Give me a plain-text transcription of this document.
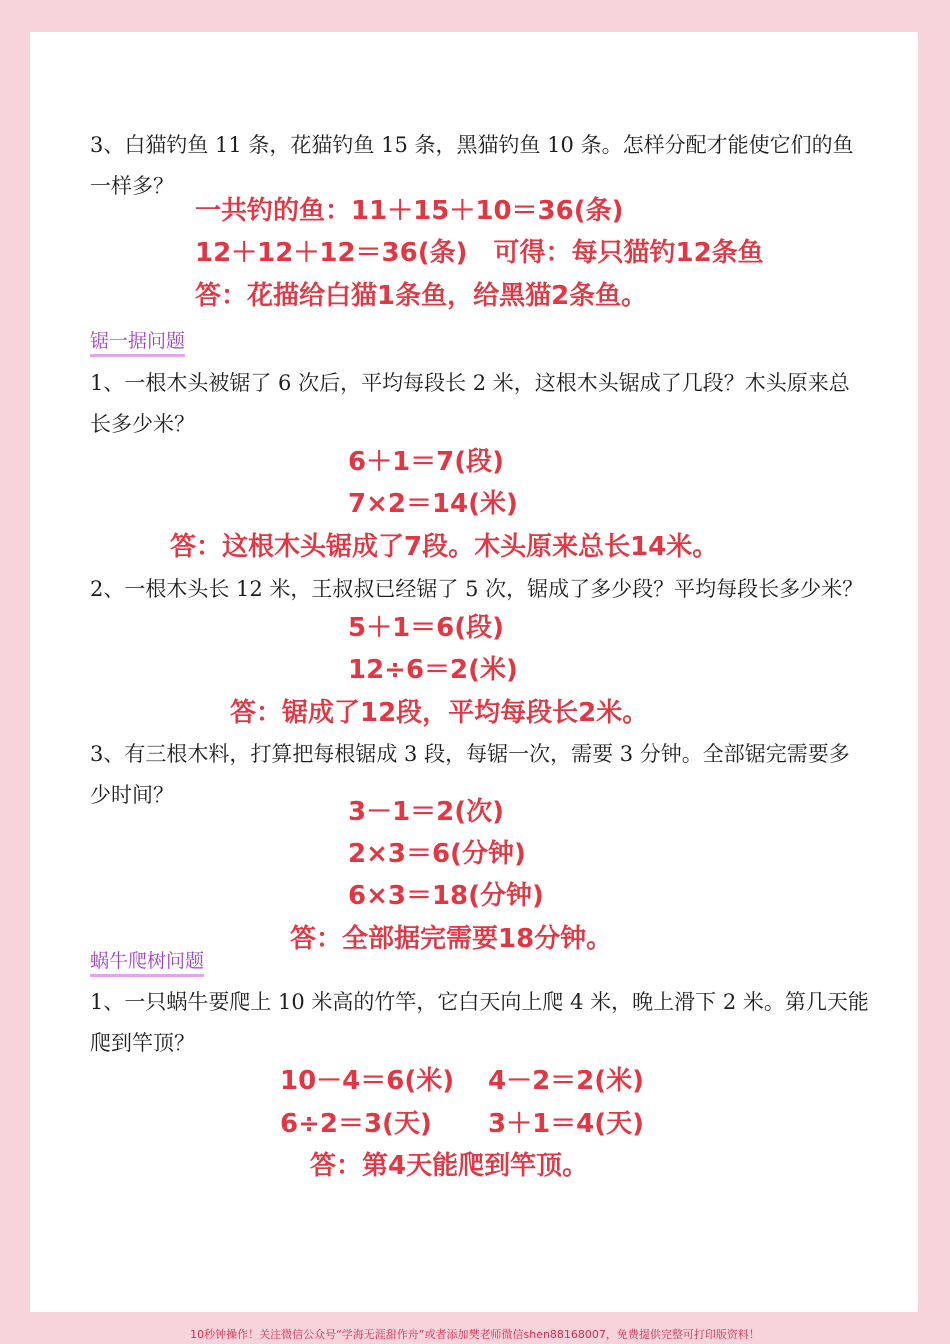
3、白猫钓鱼 11 条，花猫钓鱼 15 条，黑猫钓鱼 10 条。怎样分配才能使它们的鱼一样多？

一共钓的鱼：11＋15＋10＝36(条)
12＋12＋12＝36(条)　可得：每只猫钓12条鱼
答：花描给白猫1条鱼，给黑猫2条鱼。
锯一据问题

1、一根木头被锯了 6 次后，平均每段长 2 米，这根木头锯成了几段？木头原来总长多少米？

6＋1＝7(段)
7×2＝14(米)
答：这根木头锯成了7段。木头原来总长14米。

2、一根木头长 12 米，王叔叔已经锯了 5 次，锯成了多少段？平均每段长多少米？

5＋1＝6(段)
12÷6＝2(米)
答：锯成了12段，平均每段长2米。

3、有三根木料，打算把每根锯成 3 段，每锯一次，需要 3 分钟。全部锯完需要多少时间？

3－1＝2(次)
2×3＝6(分钟)
6×3＝18(分钟)
答：全部据完需要18分钟。
蜗牛爬树问题

1、一只蜗牛要爬上 10 米高的竹竿，它白天向上爬 4 米，晚上滑下 2 米。第几天能爬到竿顶？

10－4＝6(米) 4－2＝2(米)
6÷2＝3(天) 3＋1＝4(天)
答：第4天能爬到竿顶。
10秒钟操作！关注微信公众号“学海无涯甜作舟”或者添加樊老师微信shen88168007，免费提供完整可打印版资料！
